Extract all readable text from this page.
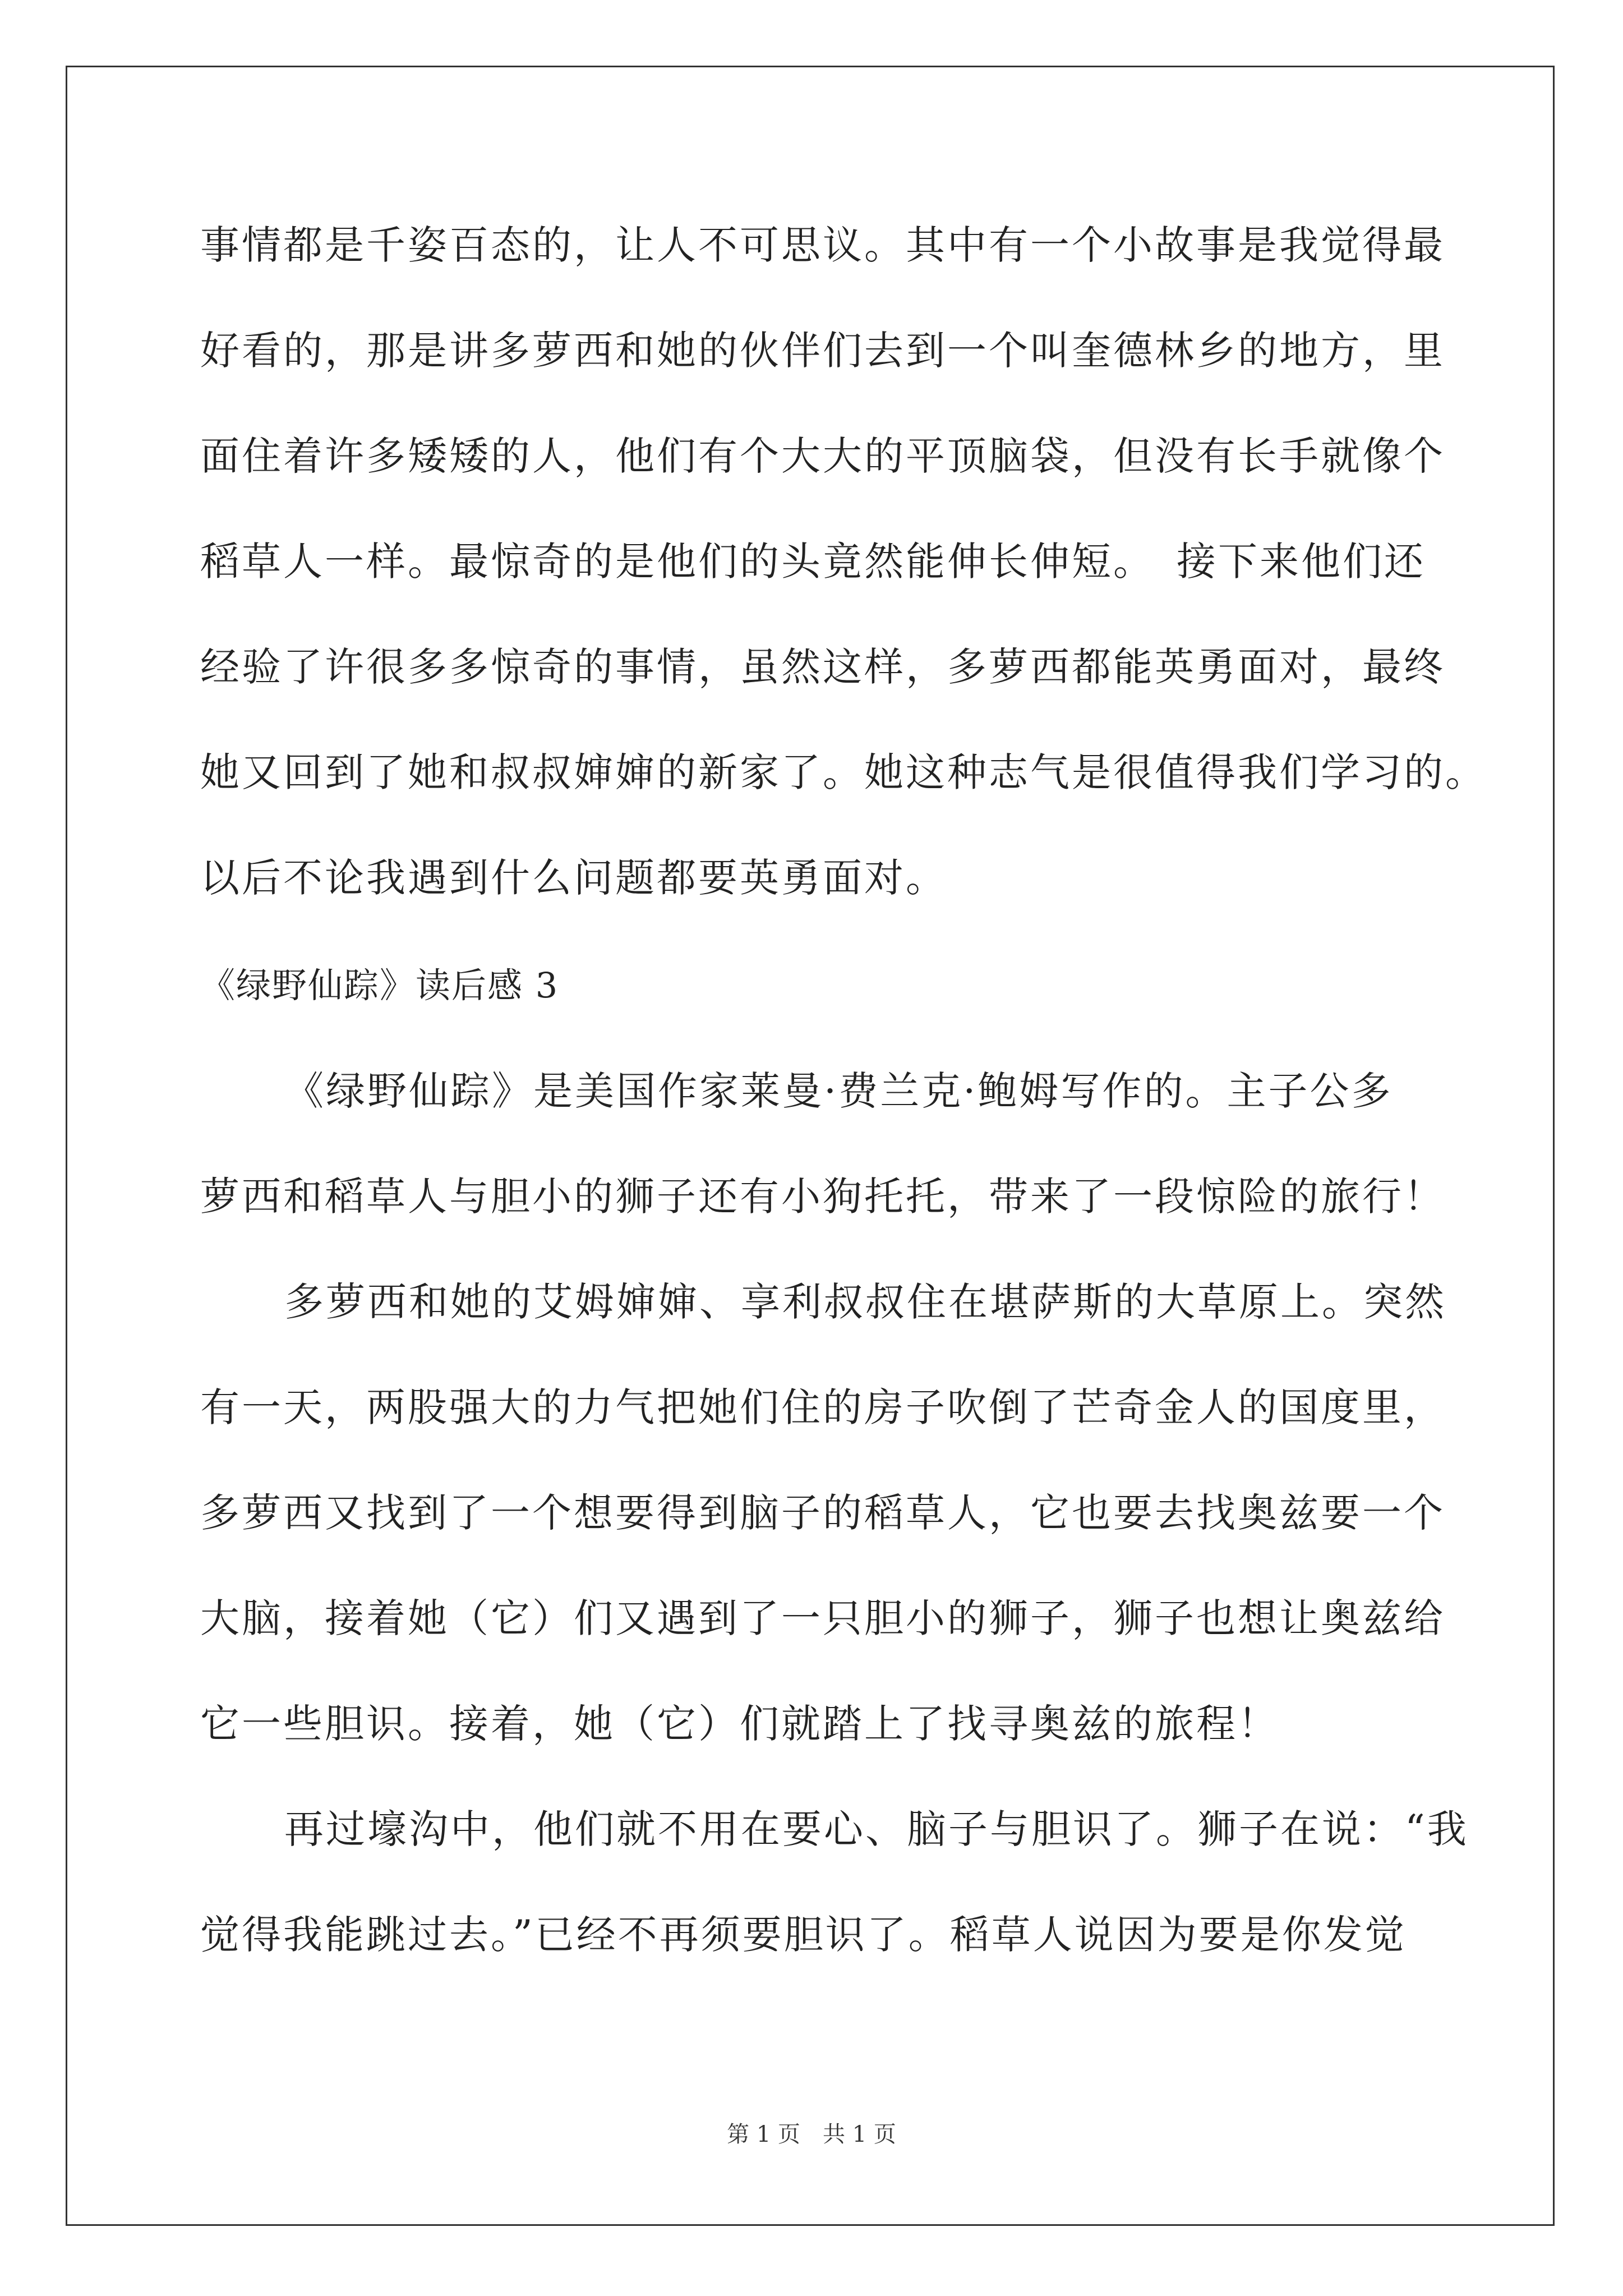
事情都是千姿百态的，让人不可思议。其中有一个小故事是我觉得最
好看的，那是讲多萝西和她的伙伴们去到一个叫奎德林乡的地方，里
面住着许多矮矮的人，他们有个大大的平顶脑袋，但没有长手就像个
稻草人一样。最惊奇的是他们的头竟然能伸长伸短。　接下来他们还
经验了许很多多惊奇的事情，虽然这样，多萝西都能英勇面对，最终
她又回到了她和叔叔婶婶的新家了。她这种志气是很值得我们学习的。
以后不论我遇到什么问题都要英勇面对。
《绿野仙踪》读后感 3
《绿野仙踪》是美国作家莱曼·费兰克·鲍姆写作的。主子公多
萝西和稻草人与胆小的狮子还有小狗托托，带来了一段惊险的旅行！
多萝西和她的艾姆婶婶、享利叔叔住在堪萨斯的大草原上。突然
有一天，两股强大的力气把她们住的房子吹倒了芒奇金人的国度里，
多萝西又找到了一个想要得到脑子的稻草人，它也要去找奥兹要一个
大脑，接着她（它）们又遇到了一只胆小的狮子，狮子也想让奥兹给
它一些胆识。接着，她（它）们就踏上了找寻奥兹的旅程！
再过壕沟中，他们就不用在要心、脑子与胆识了。狮子在说：“我
觉得我能跳过去。”已经不再须要胆识了。稻草人说因为要是你发觉
第 1 页　共 1 页
